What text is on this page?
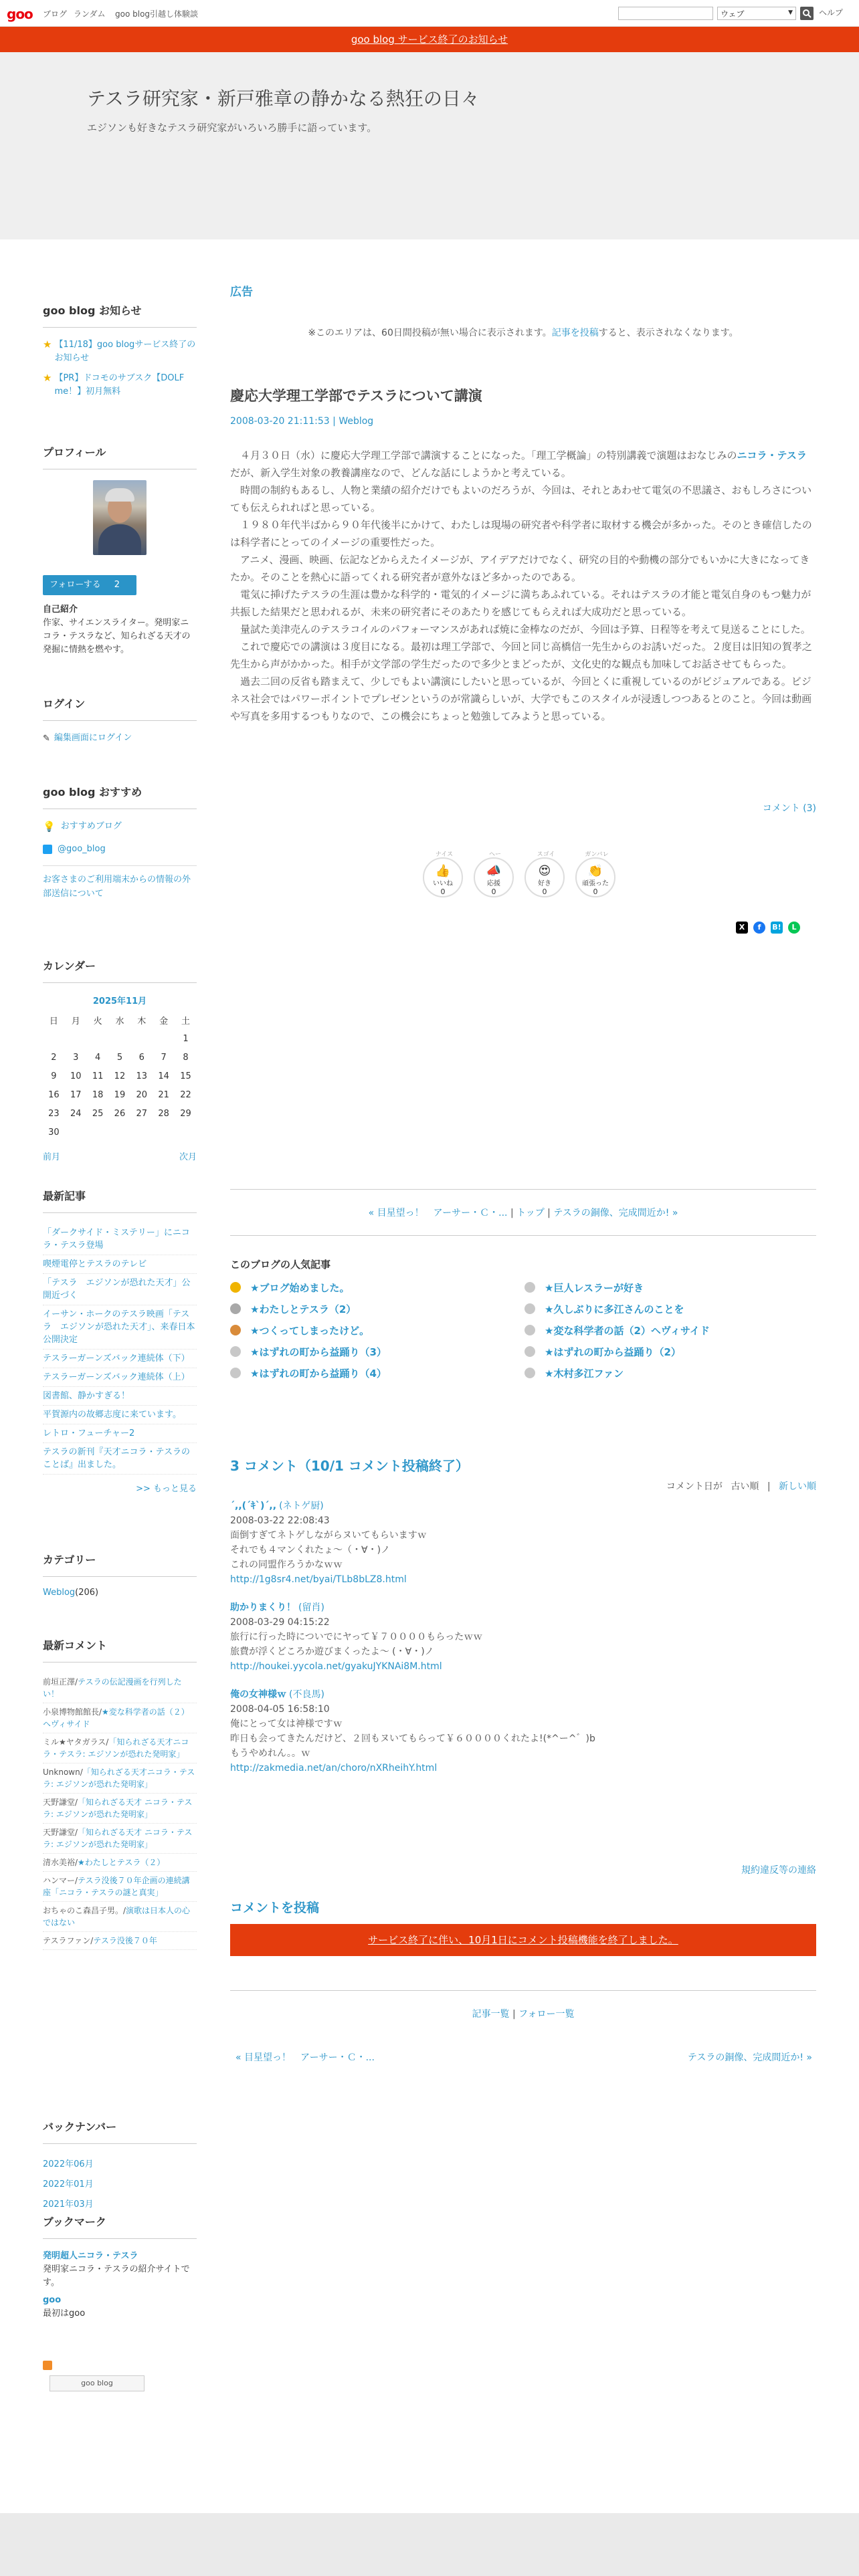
goo ブログ ランダム goo blog引越し体験談	ウェブ	▼	ヘルプ
goo blog サービス終了のお知らせ
テスラ研究家・新戸雅章の静かなる熱狂の日々
エジソンも好きなテスラ研究家がいろいろ勝手に語っています。
goo blog お知らせ
★ 【11/18】goo blogサービス終了のお知らせ
★ 【PR】ドコモのサブスク【DOLF me！】初月無料
プロフィール
フォローする 2
自己紹介
作家、サイエンスライター。発明家ニコラ・テスラなど、知られざる天才の発掘に情熱を燃やす。
ログイン
✎ 編集画面にログイン
goo blog おすすめ
💡 おすすめブログ
@goo_blog
お客さまのご利用端末からの情報の外部送信について
カレンダー
2025年11月
日	月	火	水	木	金	土
						1
2	3	4	5	6	7	8
9	10	11	12	13	14	15
16	17	18	19	20	21	22
23	24	25	26	27	28	29
30						
前月	次月
最新記事
「ダークサイド・ミステリー」にニコラ・テスラ登場
喫煙電停とテスラのテレビ
「テスラ　エジソンが恐れた天才」公開近づく
イーサン・ホークのテスラ映画「テスラ　エジソンが恐れた天才」、来春日本公開決定
テスラーガーンズバック連続体（下）
テスラーガーンズバック連続体（上）
図書館、静かすぎる！
平賀源内の故郷志度に来ています。
レトロ・フューチャー2
テスラの新刊『天才ニコラ・テスラのことば』出ました。
>> もっと見る
カテゴリー
Weblog(206)
最新コメント
前垣正澤/テスラの伝記漫画を行列したい！
小泉博物館館長/★変な科学者の話（２）ヘヴィサイド
ミル★ヤタガラス/「知られざる天才ニコラ・テスラ: エジソンが恐れた発明家」
Unknown/「知られざる天才ニコラ・テスラ: エジソンが恐れた発明家」
天野謙堂/「知られざる天才 ニコラ・テスラ: エジソンが恐れた発明家」
天野謙堂/「知られざる天才 ニコラ・テスラ: エジソンが恐れた発明家」
清水美裕/★わたしとテスラ（２）
ハンマー/テスラ没後７０年企画の連続講座「ニコラ・テスラの謎と真実」
おちゃのこ森昌子男。/演歌は日本人の心ではない
テスラファン/テスラ没後７０年
バックナンバー
2022年06月
2022年01月
2021年03月
ブックマーク
発明超人ニコラ・テスラ
発明家ニコラ・テスラの紹介サイトです。
goo
最初はgoo
goo blog
広告
※このエリアは、60日間投稿が無い場合に表示されます。記事を投稿すると、表示されなくなります。
慶応大学理工学部でテスラについて講演
2008-03-20 21:11:53 | Weblog

　４月３０日（水）に慶応大学理工学部で講演することになった。「理工学概論」の特別講義で演題はおなじみのニコラ・テスラだが、新入学生対象の教養講座なので、どんな話にしようかと考えている。

　時間の制約もあるし、人物と業績の紹介だけでもよいのだろうが、今回は、それとあわせて電気の不思議さ、おもしろさについても伝えられればと思っている。

　１９８０年代半ばから９０年代後半にかけて、わたしは現場の研究者や科学者に取材する機会が多かった。そのとき確信したのは科学者にとってのイメージの重要性だった。

　アニメ、漫画、映画、伝記などからえたイメージが、アイデアだけでなく、研究の目的や動機の部分でもいかに大きになってきたか。そのことを熱心に語ってくれる研究者が意外なほど多かったのである。

　電気に挿げたテスラの生涯は豊かな科学的・電気的イメージに満ちあふれている。それはテスラの才能と電気自身のもつ魅力が共振した結果だと思われるが、未来の研究者にそのあたりを感じてもらえれば大成功だと思っている。

　量試た美津売んのテスラコイルのパフォーマンスがあれば焼に金棒なのだが、今回は予算、日程等を考えて見送ることにした。

　これで慶応での講演は３度目になる。最初は理工学部で、今回と同じ高橋信一先生からのお誘いだった。２度目は旧知の賀孝之先生から声がかかった。相手が文学部の学生だったので多少とまどったが、文化史的な観点も加味してお話させてもらった。

　過去二回の反省も踏まえて、少しでもよい講演にしたいと思っているが、今回とくに重視しているのがビジュアルである。ビジネス社会ではパワーポイントでプレゼンというのが常識らしいが、大学でもこのスタイルが浸透しつつあるとのこと。今回は動画や写真を多用するつもりなので、この機会にちょっと勉強してみようと思っている。

コメント (3)
ナイス
👍
いいね
0
ヘー
📣
応援
0
スゴイ
😍
好き
0
ガンバレ
👏
頑張った
0
X	f	B!	L
« 目星望っ！　アーサー・Ｃ・... | トップ | テスラの銅像、完成間近か! »
このブログの人気記事
★ブログ始めました。	★巨人レスラーが好き
★わたしとテスラ（2）	★久しぶりに多江さんのことを
★つくってしまったけど。	★変な科学者の話（2）ヘヴィサイド
★はずれの町から益踊り（3）	★はずれの町から益踊り（2）
★はずれの町から益踊り（4）	★木村多江ファン
3 コメント（10/1 コメント投稿終了）
コメント日が 古い順 | 新しい順
´,,(´ｷ`)´,, (ネトゲ厨)
2008-03-22 22:08:43
面倒すぎてネトゲしながらヌいてもらいますｗ
それでも４マンくれたょ～（・∀・)ノ
これの同盟作ろうかなｗｗ
http://1g8sr4.net/byai/TLb8bLZ8.html
助かりまくり！ (留肖)
2008-03-29 04:15:22
旅行に行った時についでにヤって￥７００００もらったｗｗ
旅費が浮くどころか遊びまくったよ～ (・∀・)ノ
http://houkei.yycola.net/gyakuJYKNAi8M.html
俺の女神様ｗ (不良馬)
2008-04-05 16:58:10
俺にとって女は神様ですｗ
昨日も会ってきたんだけど、２回もヌいてもらって￥６００００くれたよ!(*^ー^゛)b
もうやめれん。。ｗ
http://zakmedia.net/an/choro/nXRheihY.html
規約違反等の連絡
コメントを投稿
サービス終了に伴い、10月1日にコメント投稿機能を終了しました。
記事一覧 | フォロー一覧
« 目星望っ！　アーサー・Ｃ・...	テスラの銅像、完成間近か! »
